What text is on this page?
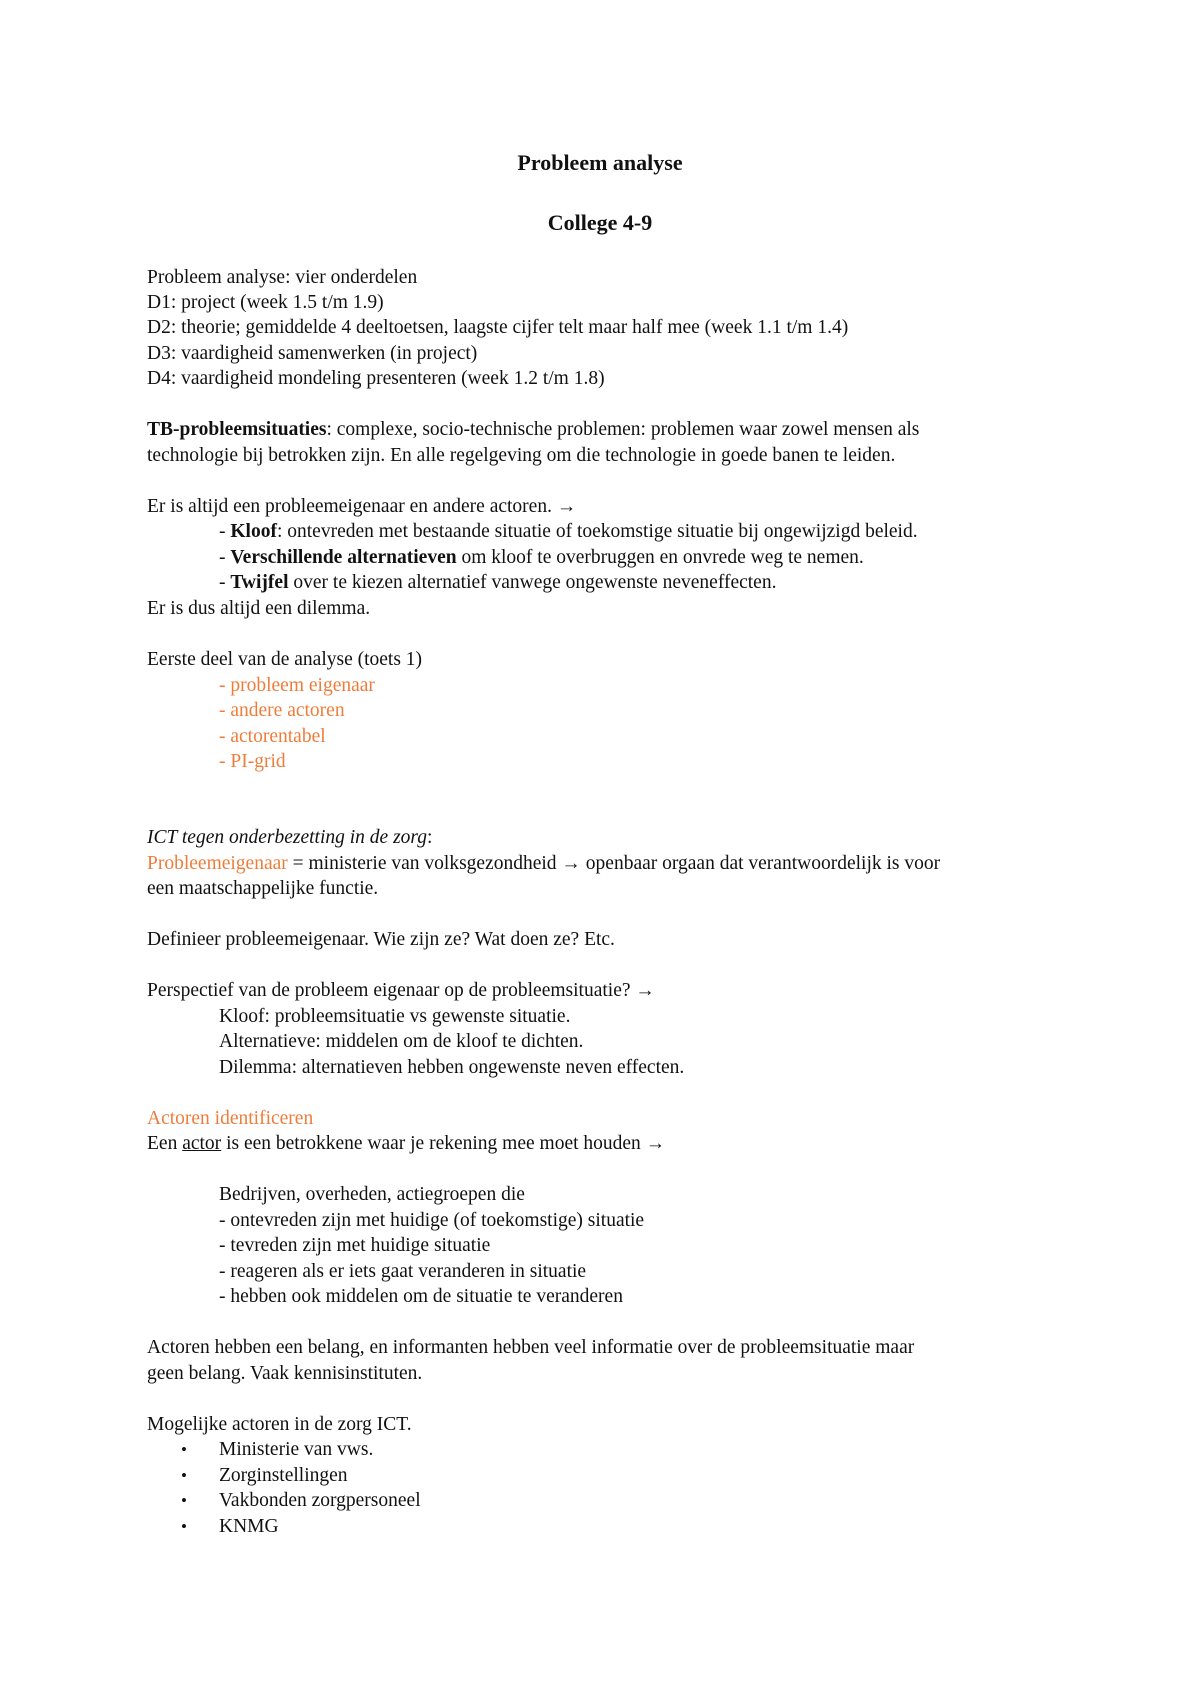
Probleem analyse
College 4-9
Probleem analyse: vier onderdelen
D1: project (week 1.5 t/m 1.9)
D2: theorie; gemiddelde 4 deeltoetsen, laagste cijfer telt maar half mee (week 1.1 t/m 1.4)
D3: vaardigheid samenwerken (in project)
D4: vaardigheid mondeling presenteren (week 1.2 t/m 1.8)
TB-probleemsituaties: complexe, socio-technische problemen: problemen waar zowel mensen als
technologie bij betrokken zijn. En alle regelgeving om die technologie in goede banen te leiden.
Er is altijd een probleemeigenaar en andere actoren. →
- Kloof: ontevreden met bestaande situatie of toekomstige situatie bij ongewijzigd beleid.
- Verschillende alternatieven om kloof te overbruggen en onvrede weg te nemen.
- Twijfel over te kiezen alternatief vanwege ongewenste neveneffecten.
Er is dus altijd een dilemma.
Eerste deel van de analyse (toets 1)
- probleem eigenaar
- andere actoren
- actorentabel
- PI-grid
ICT tegen onderbezetting in de zorg:
Probleemeigenaar = ministerie van volksgezondheid → openbaar orgaan dat verantwoordelijk is voor
een maatschappelijke functie.
Definieer probleemeigenaar. Wie zijn ze? Wat doen ze? Etc.
Perspectief van de probleem eigenaar op de probleemsituatie? →
Kloof: probleemsituatie vs gewenste situatie.
Alternatieve: middelen om de kloof te dichten.
Dilemma: alternatieven hebben ongewenste neven effecten.
Actoren identificeren
Een actor is een betrokkene waar je rekening mee moet houden →
Bedrijven, overheden, actiegroepen die
- ontevreden zijn met huidige (of toekomstige) situatie
- tevreden zijn met huidige situatie
- reageren als er iets gaat veranderen in situatie
- hebben ook middelen om de situatie te veranderen
Actoren hebben een belang, en informanten hebben veel informatie over de probleemsituatie maar
geen belang. Vaak kennisinstituten.
Mogelijke actoren in de zorg ICT.
• Ministerie van vws.
• Zorginstellingen
• Vakbonden zorgpersoneel
• KNMG
